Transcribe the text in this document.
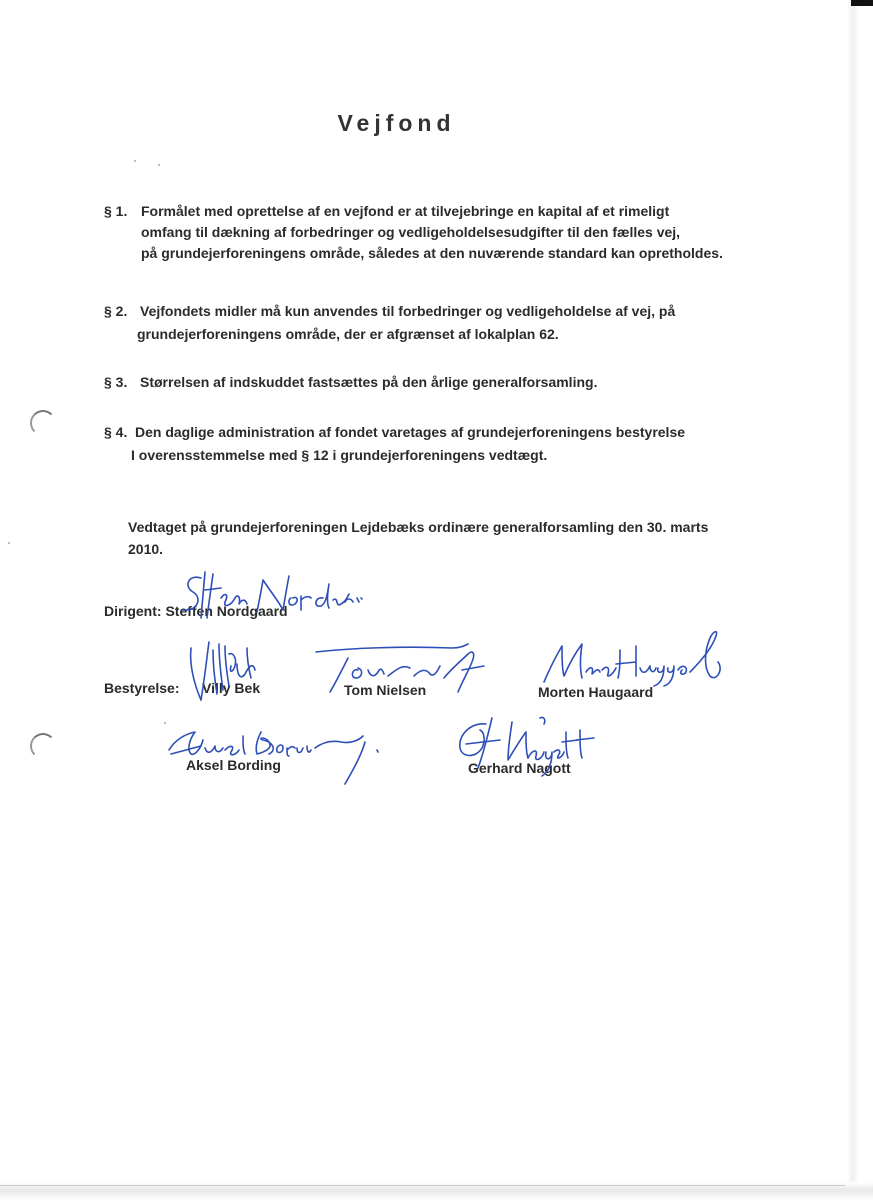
Vejfond
§ 1. Formålet med oprettelse af en vejfond er at tilvejebringe en kapital af et rimeligt
omfang til dækning af forbedringer og vedligeholdelsesudgifter til den fælles vej,
på grundejerforeningens område, således at den nuværende standard kan opretholdes.
§ 2. Vejfondets midler må kun anvendes til forbedringer og vedligeholdelse af vej, på
grundejerforeningens område, der er afgrænset af lokalplan 62.
§ 3. Størrelsen af indskuddet fastsættes på den årlige generalforsamling.
§ 4. Den daglige administration af fondet varetages af grundejerforeningens bestyrelse
I overensstemmelse med § 12 i grundejerforeningens vedtægt.
Vedtaget på grundejerforeningen Lejdebæks ordinære generalforsamling den 30. marts
2010.
Dirigent: Steffen Nordgaard
Bestyrelse: Villy Bek	Tom Nielsen	Morten Haugaard
Aksel Bording	Gerhard Nagott
